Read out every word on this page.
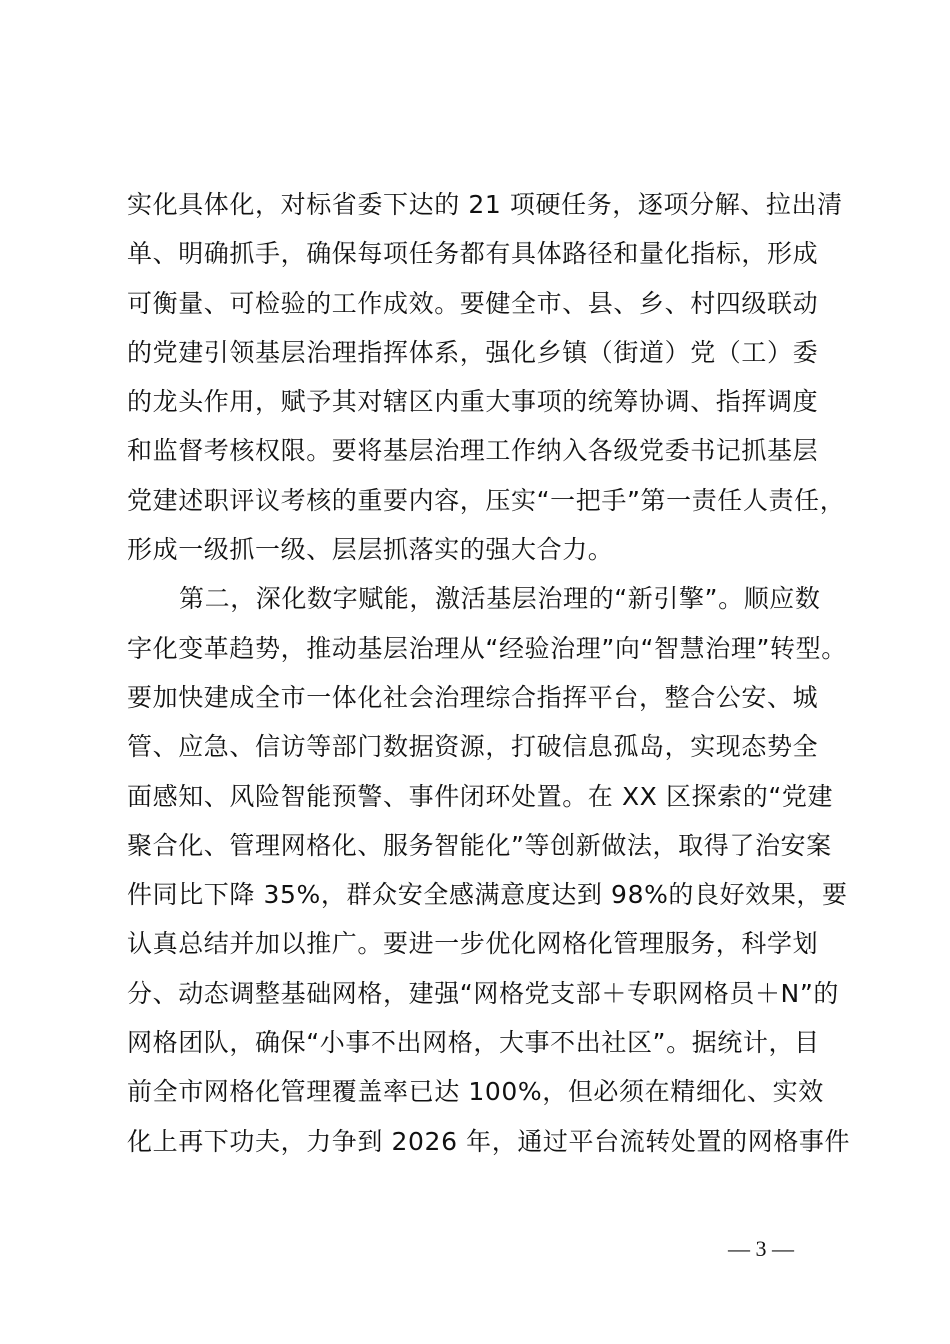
实化具体化，对标省委下达的 21 项硬任务，逐项分解、拉出清
单、明确抓手，确保每项任务都有具体路径和量化指标，形成
可衡量、可检验的工作成效。要健全市、县、乡、村四级联动
的党建引领基层治理指挥体系，强化乡镇（街道）党（工）委
的龙头作用，赋予其对辖区内重大事项的统筹协调、指挥调度
和监督考核权限。要将基层治理工作纳入各级党委书记抓基层
党建述职评议考核的重要内容，压实“一把手”第一责任人责任，
形成一级抓一级、层层抓落实的强大合力。
第二，深化数字赋能，激活基层治理的“新引擎”。顺应数
字化变革趋势，推动基层治理从“经验治理”向“智慧治理”转型。
要加快建成全市一体化社会治理综合指挥平台，整合公安、城
管、应急、信访等部门数据资源，打破信息孤岛，实现态势全
面感知、风险智能预警、事件闭环处置。在 XX 区探索的“党建
聚合化、管理网格化、服务智能化”等创新做法，取得了治安案
件同比下降 35%，群众安全感满意度达到 98%的良好效果，要
认真总结并加以推广。要进一步优化网格化管理服务，科学划
分、动态调整基础网格，建强“网格党支部＋专职网格员＋N”的
网格团队，确保“小事不出网格，大事不出社区”。据统计，目
前全市网格化管理覆盖率已达 100%，但必须在精细化、实效
化上再下功夫，力争到 2026 年，通过平台流转处置的网格事件
— 3 —
